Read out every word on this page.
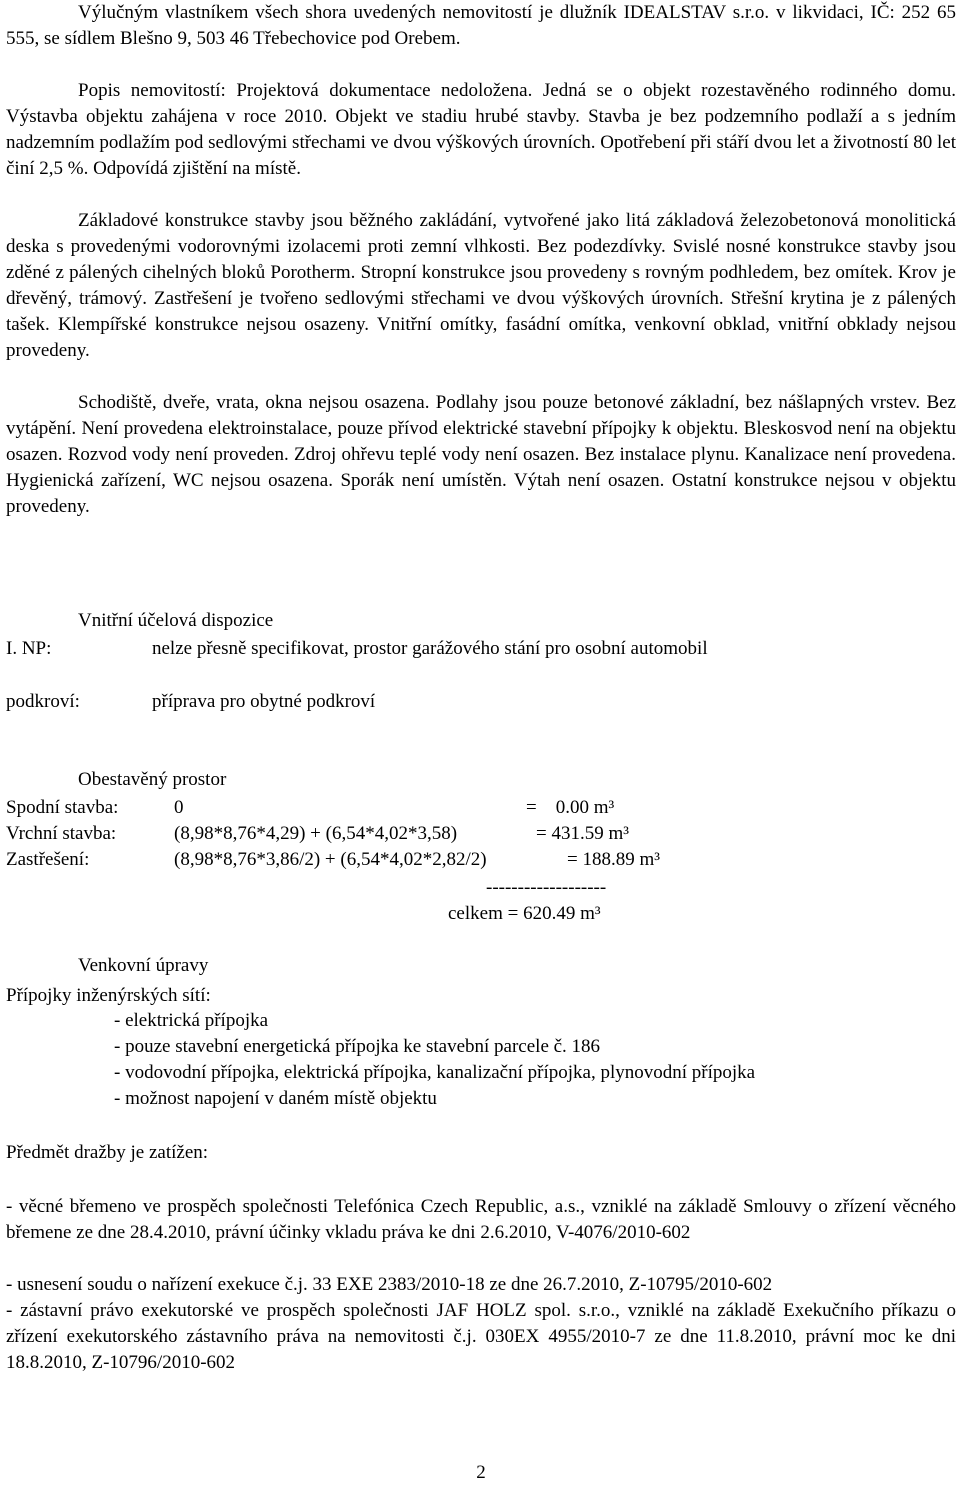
Výlučným vlastníkem všech shora uvedených nemovitostí je dlužník IDEALSTAV s.r.o. v likvidaci, IČ: 252 65 555, se sídlem Blešno 9, 503 46 Třebechovice pod Orebem.
Popis nemovitostí: Projektová dokumentace nedoložena. Jedná se o objekt rozestavěného rodinného domu. Výstavba objektu zahájena v roce 2010. Objekt ve stadiu hrubé stavby. Stavba je bez podzemního podlaží a s jedním nadzemním podlažím pod sedlovými střechami ve dvou výškových úrovních. Opotřebení při stáří dvou let a životností 80 let činí 2,5 %. Odpovídá zjištění na místě.
Základové konstrukce stavby jsou běžného zakládání, vytvořené jako litá základová železobetonová monolitická deska s provedenými vodorovnými izolacemi proti zemní vlhkosti. Bez podezdívky. Svislé nosné konstrukce stavby jsou zděné z pálených cihelných bloků Porotherm. Stropní konstrukce jsou provedeny s rovným podhledem, bez omítek. Krov je dřevěný, trámový. Zastřešení je tvořeno sedlovými střechami ve dvou výškových úrovních. Střešní krytina je z pálených tašek. Klempířské konstrukce nejsou osazeny. Vnitřní omítky, fasádní omítka, venkovní obklad, vnitřní obklady nejsou provedeny.
Schodiště, dveře, vrata, okna nejsou osazena. Podlahy jsou pouze betonové základní, bez nášlapných vrstev. Bez vytápění. Není provedena elektroinstalace, pouze přívod elektrické stavební přípojky k objektu. Bleskosvod není na objektu osazen. Rozvod vody není proveden. Zdroj ohřevu teplé vody není osazen. Bez instalace plynu. Kanalizace není provedena. Hygienická zařízení, WC nejsou osazena. Sporák není umístěn. Výtah není osazen. Ostatní konstrukce nejsou v objektu provedeny.
Vnitřní účelová dispozice
I. NP:	nelze přesně specifikovat, prostor garážového stání pro osobní automobil
podkroví:	příprava pro obytné podkroví
Obestavěný prostor
Spodní stavba:	0	=    0.00 m³
Vrchní stavba:	(8,98*8,76*4,29) + (6,54*4,02*3,58)	= 431.59 m³
Zastřešení:	(8,98*8,76*3,86/2) + (6,54*4,02*2,82/2)	= 188.89 m³
-------------------
celkem = 620.49 m³
Venkovní úpravy
Přípojky inženýrských sítí:
- elektrická přípojka
- pouze stavební energetická přípojka ke stavební parcele č. 186
- vodovodní přípojka, elektrická přípojka, kanalizační přípojka, plynovodní přípojka
- možnost napojení v daném místě objektu
Předmět dražby je zatížen:
- věcné břemeno ve prospěch společnosti Telefónica Czech Republic, a.s., vzniklé na základě Smlouvy o zřízení věcného břemene ze dne 28.4.2010, právní účinky vkladu práva ke dni 2.6.2010, V-4076/2010-602
- usnesení soudu o nařízení exekuce č.j. 33 EXE 2383/2010-18 ze dne 26.7.2010, Z-10795/2010-602
- zástavní právo exekutorské ve prospěch společnosti JAF HOLZ spol. s.r.o., vzniklé na základě Exekučního příkazu o zřízení exekutorského zástavního práva na nemovitosti č.j. 030EX 4955/2010-7 ze dne 11.8.2010, právní moc ke dni 18.8.2010, Z-10796/2010-602
2
